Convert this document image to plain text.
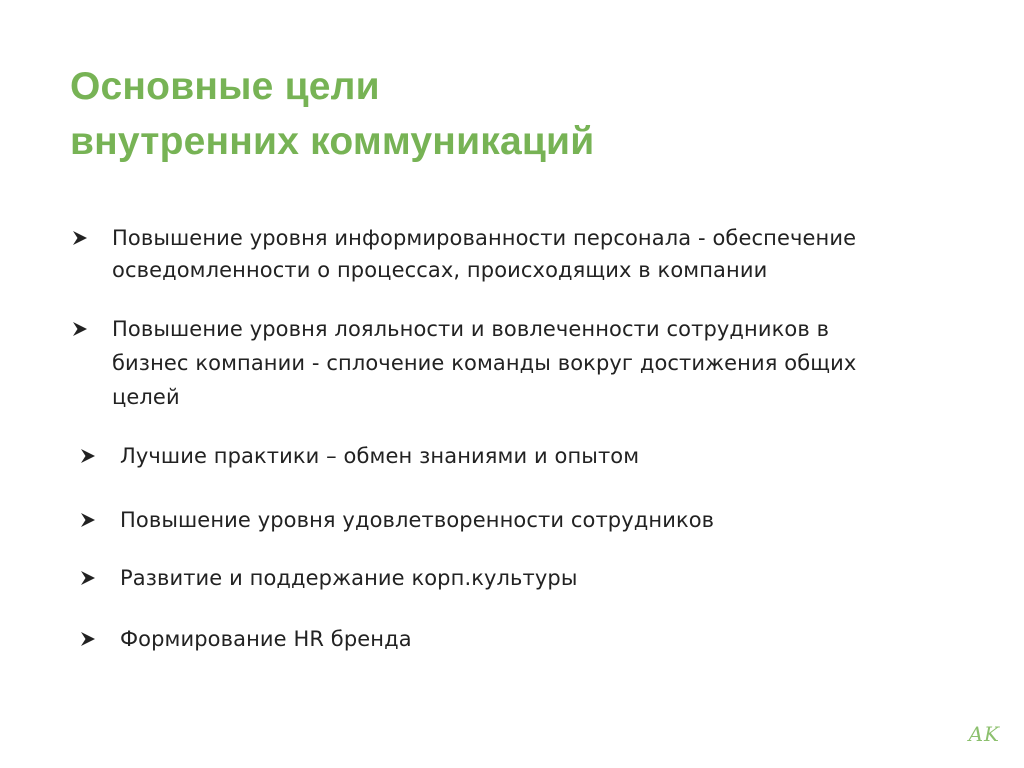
Основные цели
внутренних коммуникаций
Повышение уровня информированности персонала - обеспечение
осведомленности о процессах, происходящих в компании
Повышение уровня лояльности и вовлеченности сотрудников в
бизнес компании - сплочение команды вокруг достижения общих
целей
Лучшие практики – обмен знаниями и опытом
Повышение уровня удовлетворенности сотрудников
Развитие и поддержание корп.культуры
Формирование HR бренда
AK
